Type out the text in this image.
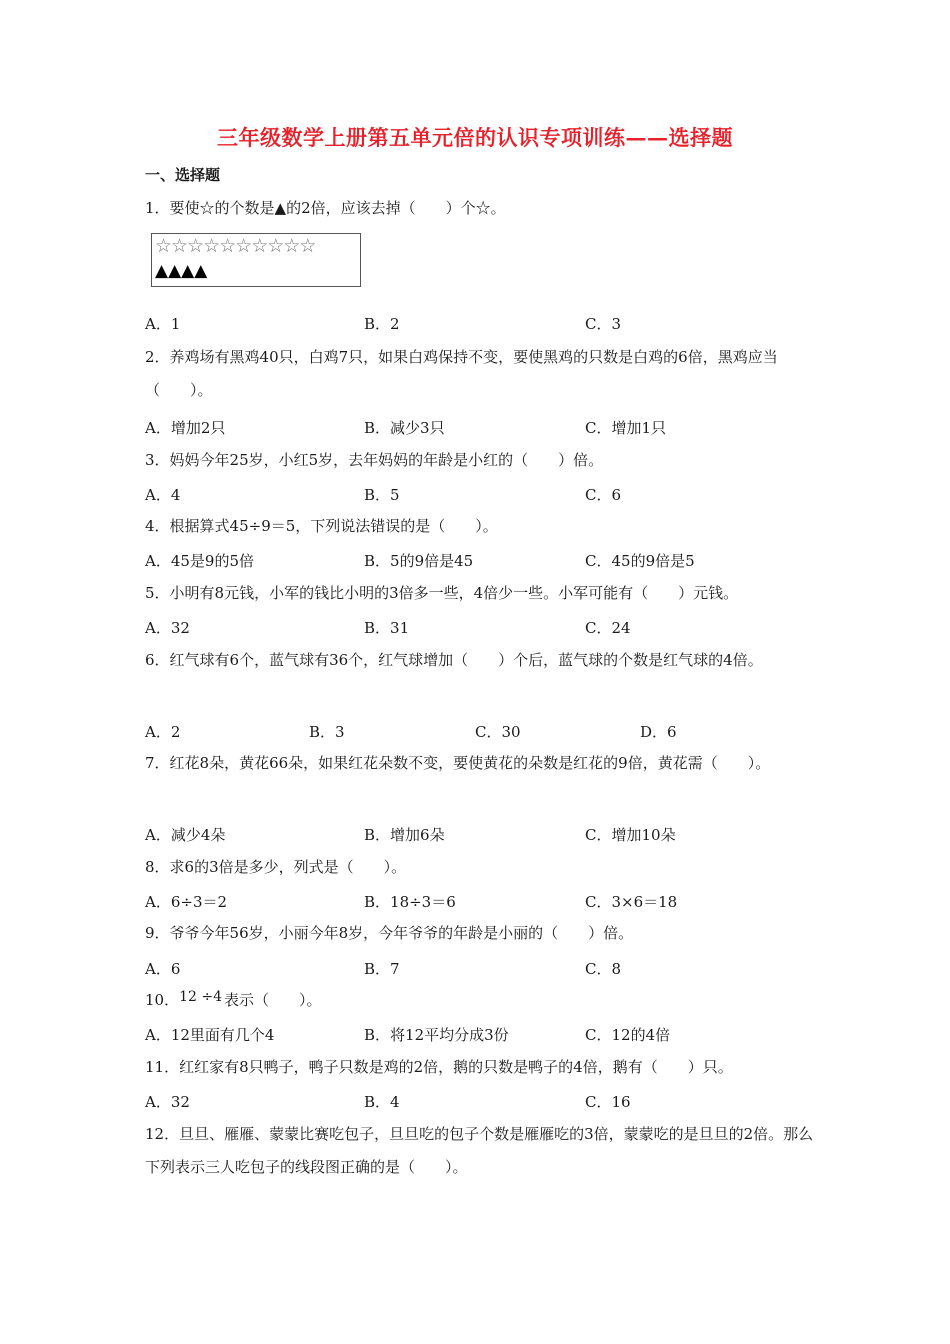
三年级数学上册第五单元倍的认识专项训练——选择题
一、选择题
1．要使☆的个数是▲的2倍，应该去掉（　　）个☆。
☆☆☆☆☆☆☆☆☆☆
▲▲▲▲
A．1	B．2	C．3
2．养鸡场有黑鸡40只，白鸡7只，如果白鸡保持不变，要使黑鸡的只数是白鸡的6倍，黑鸡应当（　　）。
A．增加2只	B．减少3只	C．增加1只
3．妈妈今年25岁，小红5岁，去年妈妈的年龄是小红的（　　）倍。
A．4	B．5	C．6
4．根据算式45÷9＝5，下列说法错误的是（　　）。
A．45是9的5倍	B．5的9倍是45	C．45的9倍是5
5．小明有8元钱，小军的钱比小明的3倍多一些，4倍少一些。小军可能有（　　）元钱。
A．32	B．31	C．24
6．红气球有6个，蓝气球有36个，红气球增加（　　）个后，蓝气球的个数是红气球的4倍。
A．2	B．3	C．30	D．6
7．红花8朵，黄花66朵，如果红花朵数不变，要使黄花的朵数是红花的9倍，黄花需（　　）。
A．减少4朵	B．增加6朵	C．增加10朵
8．求6的3倍是多少，列式是（　　）。
A．6÷3＝2	B．18÷3＝6	C．3×6＝18
9．爷爷今年56岁，小丽今年8岁，今年爷爷的年龄是小丽的（　　）倍。
A．6	B．7	C．8
10．12 ÷4 表示（　　）。
A．12里面有几个4	B．将12平均分成3份	C．12的4倍
11．红红家有8只鸭子，鸭子只数是鸡的2倍，鹅的只数是鸭子的4倍，鹅有（　　）只。
A．32	B．4	C．16
12．旦旦、雁雁、蒙蒙比赛吃包子，旦旦吃的包子个数是雁雁吃的3倍，蒙蒙吃的是旦旦的2倍。那么下列表示三人吃包子的线段图正确的是（　　）。
